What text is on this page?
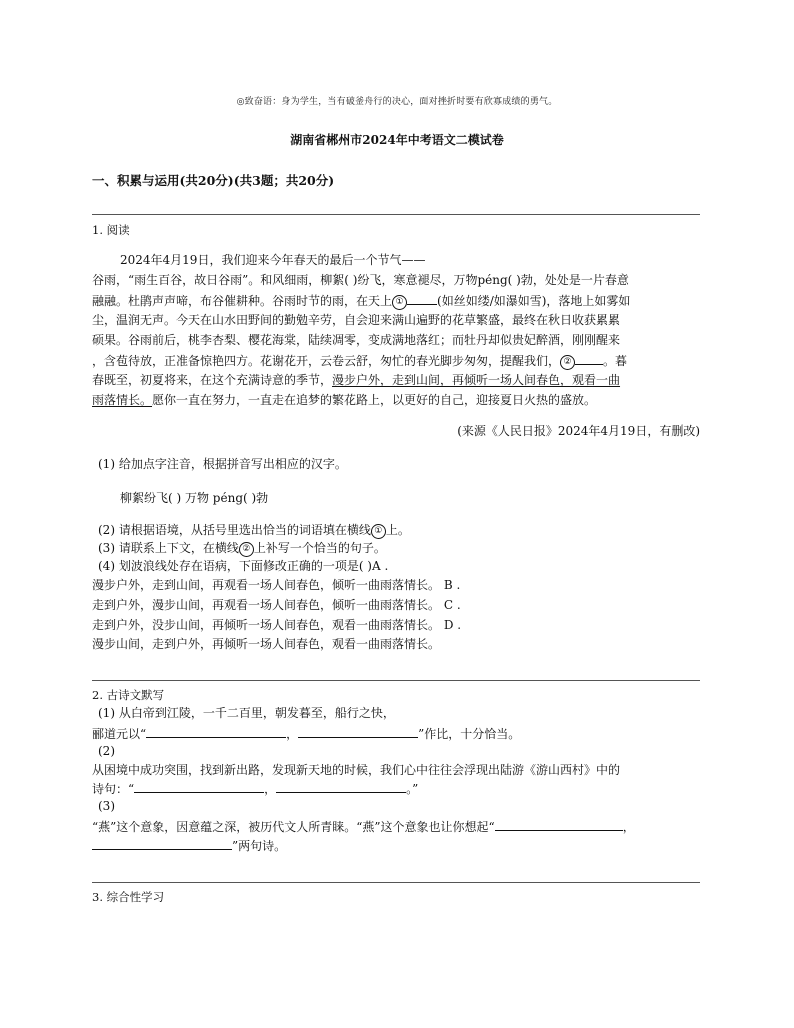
◎致奋语：身为学生，当有破釜舟行的决心，面对挫折时要有欣寡成绩的勇气。
湖南省郴州市2024年中考语文二模试卷
一、积累与运用(共20分)(共3题；共20分)
1. 阅读
2024年4月19日，我们迎来今年春天的最后一个节气——
谷雨，“雨生百谷，故日谷雨”。和风细雨，柳絮( )纷飞，寒意褪尽，万物péng( )勃，处处是一片春意
融融。杜鹃声声啼，布谷催耕种。谷雨时节的雨，在天上 ①	(如丝如缕/如瀑如雪)，落地上如雾如
尘，温润无声。今天在山水田野间的勤勉辛劳，自会迎来满山遍野的花草繁盛，最终在秋日收获累累
硕果。谷雨前后，桃李杏梨、樱花海棠，陆续凋零，变成满地落红；而牡丹却似贵妃醉酒，刚刚醒来
，含苞待放，正准备惊艳四方。花谢花开，云卷云舒，匆忙的春光脚步匆匆，提醒我们， ②	。暮
春既至，初夏将来，在这个充满诗意的季节，漫步户外，走到山间，再倾听一场人间春色，观看一曲
雨落情长。愿你一直在努力，一直走在追梦的繁花路上，以更好的自己，迎接夏日火热的盛放。
(来源《人民日报》2024年4月19日，有删改)
(1) 给加点字注音，根据拼音写出相应的汉字。
柳絮纷飞( ) 万物 péng( )勃
(2) 请根据语境，从括号里选出恰当的词语填在横线 ① 上。
(3) 请联系上下文，在横线 ② 上补写一个恰当的句子。
(4) 划波浪线处存在语病，下面修改正确的一项是( )A .
漫步户外，走到山间，再观看一场人间春色，倾听一曲雨落情长。 B .
走到户外，漫步山间，再观看一场人间春色，倾听一曲雨落情长。 C .
走到户外，没步山间，再倾听一场人间春色，观看一曲雨落情长。 D .
漫步山间，走到户外，再倾听一场人间春色，观看一曲雨落情长。
2. 古诗文默写
(1) 从白帝到江陵，一千二百里，朝发暮至，船行之快，
郦道元以“	，	”作比，十分恰当。
(2)
从困境中成功突围，找到新出路，发现新天地的时候，我们心中往往会浮现出陆游《游山西村》中的
诗句：“	，	。”
(3)
“燕”这个意象，因意蕴之深，被历代文人所青睐。“燕”这个意象也让你想起“	，
”两句诗。
3. 综合性学习
